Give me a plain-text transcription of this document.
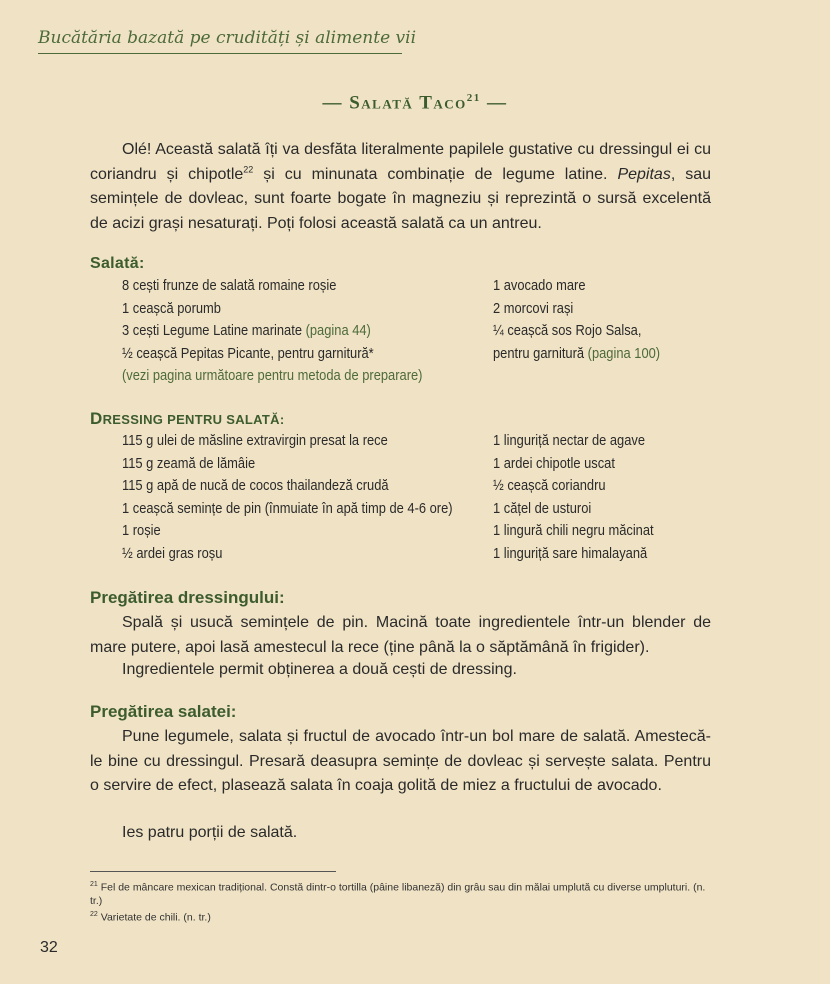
Bucătăria bazată pe crudități și alimente vii
— Salată Taco$^{21}$ —

Olé! Această salată îți va desfăta literalmente papilele gustative cu dressingul ei cu coriandru și chipotle$^{22}$ și cu minunata combinație de legume latine. Pepitas, sau semințele de dovleac, sunt foarte bogate în magneziu și reprezintă o sursă excelentă de acizi grași nesaturați. Poți folosi această salată ca un antreu.

Salată:
8 cești frunze de salată romaine roșie
1 ceașcă porumb
3 cești Legume Latine marinate (pagina 44)
½ ceașcă Pepitas Picante, pentru garnitură*
(vezi pagina următoare pentru metoda de preparare)
1 avocado mare
2 morcovi rași
¼ ceașcă sos Rojo Salsa,
pentru garnitură (pagina 100)
DRESSING PENTRU SALATĂ:
115 g ulei de măsline extravirgin presat la rece
115 g zeamă de lămâie
115 g apă de nucă de cocos thailandeză crudă
1 ceașcă semințe de pin (înmuiate în apă timp de 4-6 ore)
1 roșie
½ ardei gras roșu
1 linguriță nectar de agave
1 ardei chipotle uscat
½ ceașcă coriandru
1 cățel de usturoi
1 lingură chili negru măcinat
1 linguriță sare himalayană
Pregătirea dressingului:

Spală și usucă semințele de pin. Macină toate ingredientele într-un blender de mare putere, apoi lasă amestecul la rece (ține până la o săptămână în frigider).

Ingredientele permit obținerea a două cești de dressing.

Pregătirea salatei:

Pune legumele, salata și fructul de avocado într-un bol mare de salată. Amestecă-le bine cu dressingul. Presară deasupra semințe de dovleac și servește salata. Pentru o servire de efect, plasează salata în coaja golită de miez a fructului de avocado.

Ies patru porții de salată.

$^{21}$ Fel de mâncare mexican tradițional. Constă dintr-o tortilla (pâine libaneză) din grâu sau din mălai umplută cu diverse umpluturi. (n. tr.)
$^{22}$ Varietate de chili. (n. tr.)
32
